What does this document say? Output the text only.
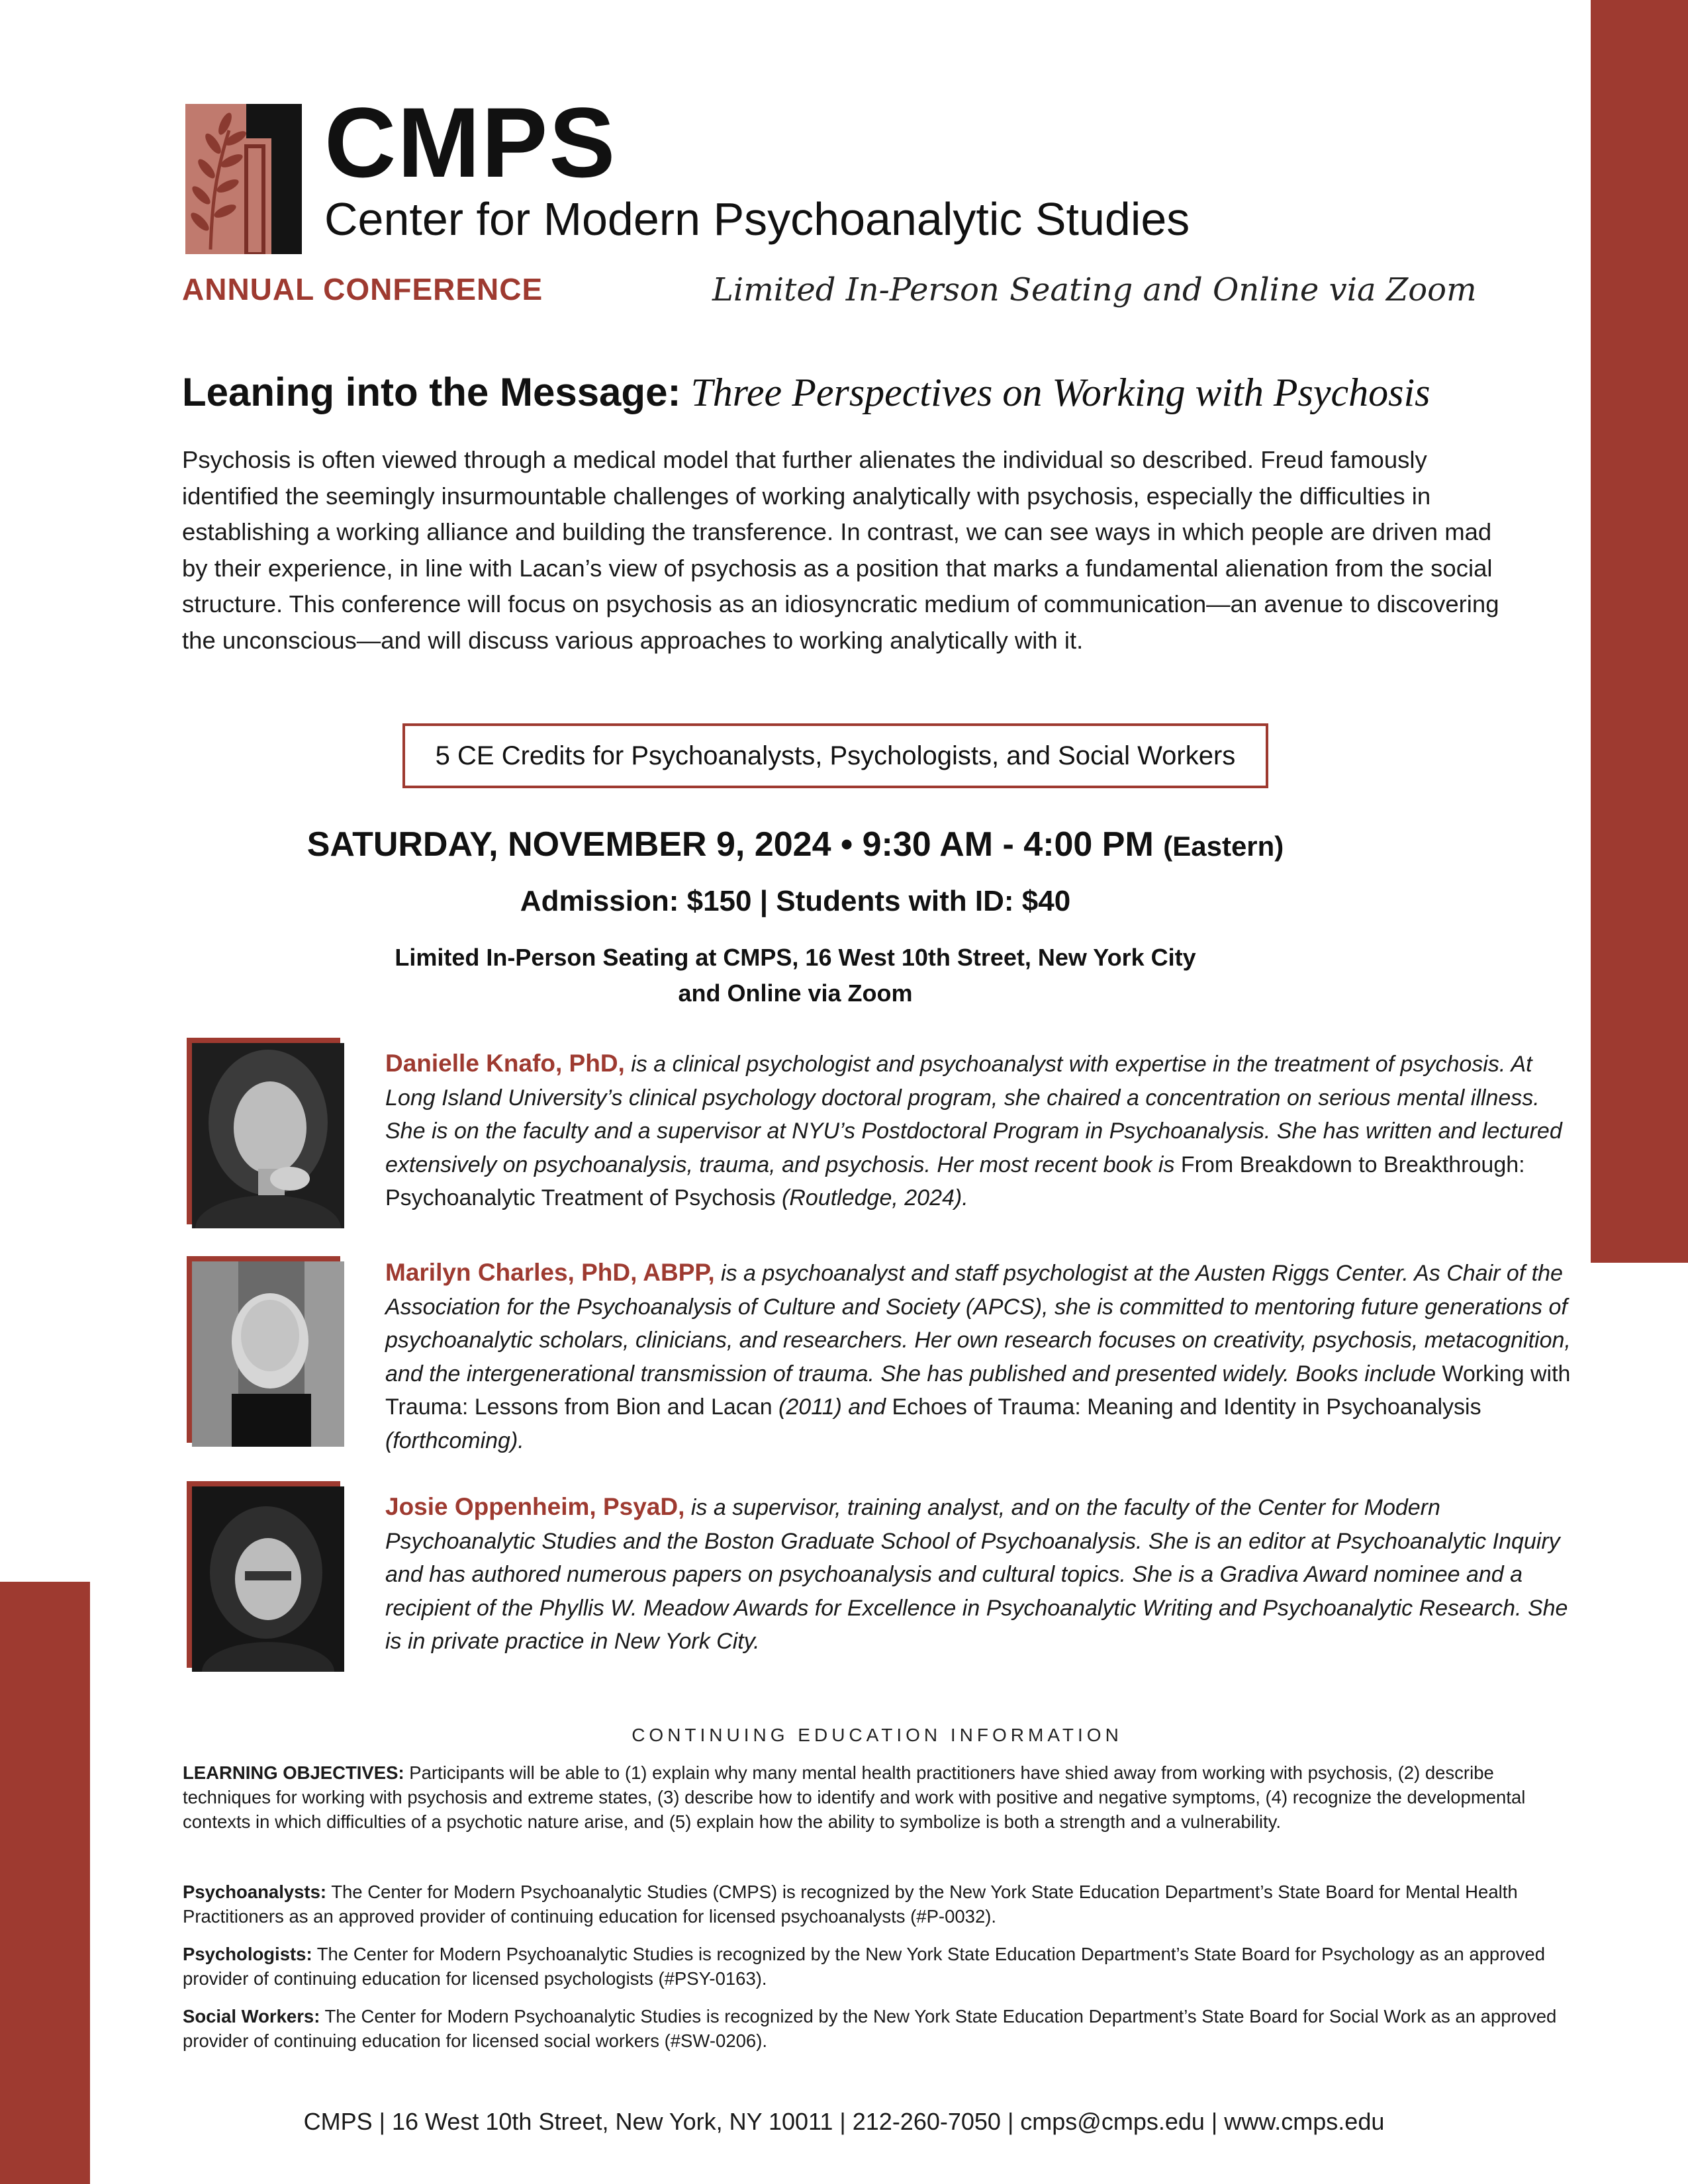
CMPS
Center for Modern Psychoanalytic Studies
ANNUAL CONFERENCE	Limited In-Person Seating and Online via Zoom
Leaning into the Message: Three Perspectives on Working with Psychosis

Psychosis is often viewed through a medical model that further alienates the individual so described. Freud famously identified the seemingly insurmountable challenges of working analytically with psychosis, especially the difficulties in establishing a working alliance and building the transference. In contrast, we can see ways in which people are driven mad by their experience, in line with Lacan’s view of psychosis as a position that marks a fundamental alienation from the social structure. This conference will focus on psychosis as an idiosyncratic medium of communication—an avenue to discovering the unconscious—and will discuss various approaches to working analytically with it.

5 CE Credits for Psychoanalysts, Psychologists, and Social Workers
SATURDAY, NOVEMBER 9, 2024 • 9:30 AM - 4:00 PM (Eastern)
Admission: $150 | Students with ID: $40
Limited In-Person Seating at CMPS, 16 West 10th Street, New York City
and Online via Zoom

Danielle Knafo, PhD, is a clinical psychologist and psychoanalyst with expertise in the treatment of psychosis. At Long Island University’s clinical psychology doctoral program, she chaired a concentration on serious mental illness. She is on the faculty and a supervisor at NYU’s Postdoctoral Program in Psychoanalysis. She has written and lectured extensively on psychoanalysis, trauma, and psychosis. Her most recent book is From Breakdown to Breakthrough: Psychoanalytic Treatment of Psychosis (Routledge, 2024).

Marilyn Charles, PhD, ABPP, is a psychoanalyst and staff psychologist at the Austen Riggs Center. As Chair of the Association for the Psychoanalysis of Culture and Society (APCS), she is committed to mentoring future generations of psychoanalytic scholars, clinicians, and researchers. Her own research focuses on creativity, psychosis, metacognition, and the intergenerational transmission of trauma. She has published and presented widely. Books include Working with Trauma: Lessons from Bion and Lacan (2011) and Echoes of Trauma: Meaning and Identity in Psychoanalysis (forthcoming).

Josie Oppenheim, PsyaD, is a supervisor, training analyst, and on the faculty of the Center for Modern Psychoanalytic Studies and the Boston Graduate School of Psychoanalysis. She is an editor at Psychoanalytic Inquiry and has authored numerous papers on psychoanalysis and cultural topics. She is a Gradiva Award nominee and a recipient of the Phyllis W. Meadow Awards for Excellence in Psychoanalytic Writing and Psychoanalytic Research. She is in private practice in New York City.

CONTINUING EDUCATION INFORMATION

LEARNING OBJECTIVES: Participants will be able to (1) explain why many mental health practitioners have shied away from working with psychosis, (2) describe techniques for working with psychosis and extreme states, (3) describe how to identify and work with positive and negative symptoms, (4) recognize the developmental contexts in which difficulties of a psychotic nature arise, and (5) explain how the ability to symbolize is both a strength and a vulnerability.

Psychoanalysts: The Center for Modern Psychoanalytic Studies (CMPS) is recognized by the New York State Education Department’s State Board for Mental Health Practitioners as an approved provider of continuing education for licensed psychoanalysts (#P-0032).

Psychologists: The Center for Modern Psychoanalytic Studies is recognized by the New York State Education Department’s State Board for Psychology as an approved provider of continuing education for licensed psychologists (#PSY-0163).

Social Workers: The Center for Modern Psychoanalytic Studies is recognized by the New York State Education Department’s State Board for Social Work as an approved provider of continuing education for licensed social workers (#SW-0206).

CMPS | 16 West 10th Street, New York, NY 10011 | 212-260-7050 | cmps@cmps.edu | www.cmps.edu
